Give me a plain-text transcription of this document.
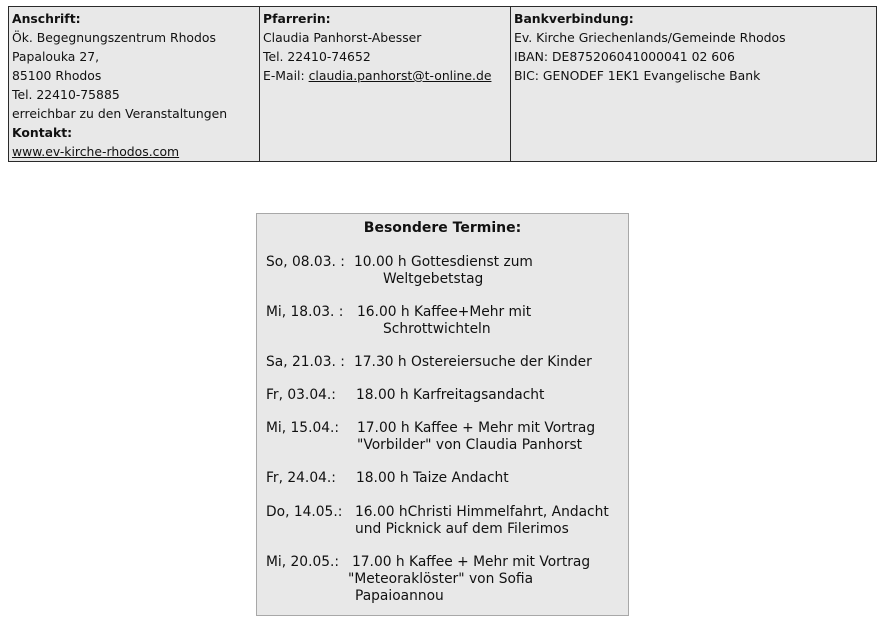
Anschrift:
Ök. Begegnungszentrum Rhodos
Papalouka 27,
85100 Rhodos
Tel. 22410-75885
erreichbar zu den Veranstaltungen
Kontakt:
www.ev-kirche-rhodos.com

Pfarrerin:
Claudia Panhorst-Abesser
Tel. 22410-74652
E-Mail: claudia.panhorst@t-online.de

Bankverbindung:
Ev. Kirche Griechenlands/Gemeinde Rhodos
IBAN: DE875206041000041 02 606
BIC: GENODEF 1EK1 Evangelische Bank
Besondere Termine:
So, 08.03. : 10.00 h Gottesdienst zum
Weltgebetstag
Mi, 18.03. : 16.00 h Kaffee+Mehr mit
Schrottwichteln
Sa, 21.03. : 17.30 h Ostereiersuche der Kinder
Fr, 03.04.: 18.00 h Karfreitagsandacht
Mi, 15.04.: 17.00 h Kaffee + Mehr mit Vortrag
"Vorbilder" von Claudia Panhorst
Fr, 24.04.: 18.00 h Taize Andacht
Do, 14.05.: 16.00 hChristi Himmelfahrt, Andacht
und Picknick auf dem Filerimos
Mi, 20.05.: 17.00 h Kaffee + Mehr mit Vortrag
"Meteoraklöster" von Sofia
Papaioannou
